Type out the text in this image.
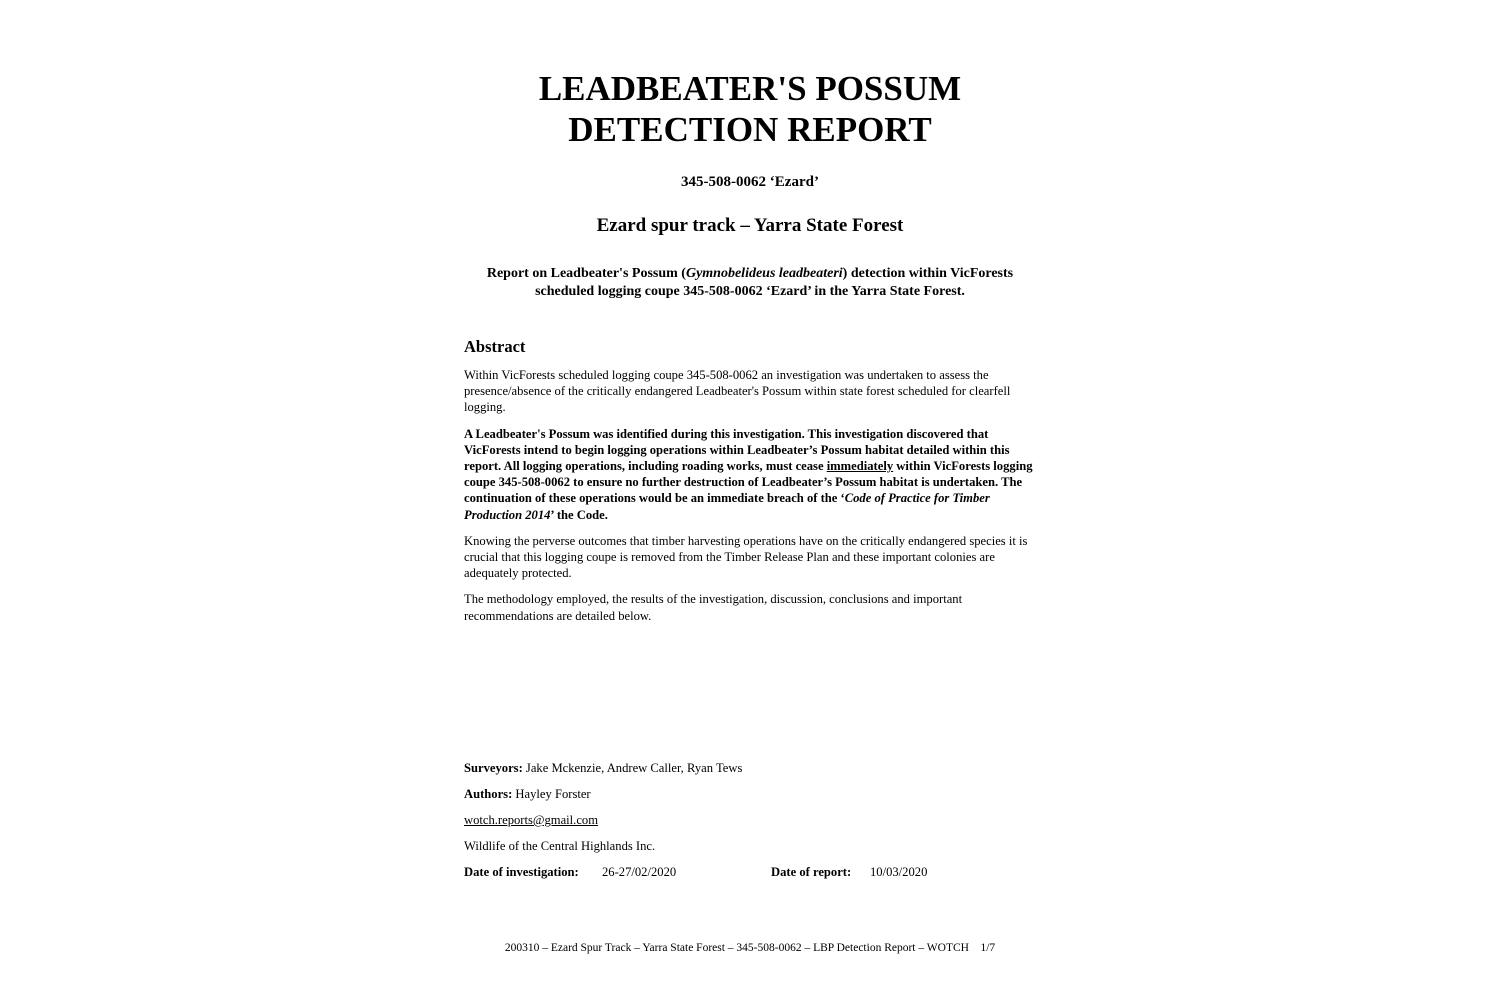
LEADBEATER'S POSSUM
DETECTION REPORT
345-508-0062 ‘Ezard’
Ezard spur track – Yarra State Forest
Report on Leadbeater's Possum (Gymnobelideus leadbeateri) detection within VicForests scheduled logging coupe 345-508-0062 ‘Ezard’ in the Yarra State Forest.
Abstract

Within VicForests scheduled logging coupe 345-508-0062 an investigation was undertaken to assess the presence/absence of the critically endangered Leadbeater's Possum within state forest scheduled for clearfell logging.

A Leadbeater's Possum was identified during this investigation. This investigation discovered that VicForests intend to begin logging operations within Leadbeater’s Possum habitat detailed within this report. All logging operations, including roading works, must cease immediately within VicForests logging coupe 345-508-0062 to ensure no further destruction of Leadbeater’s Possum habitat is undertaken. The continuation of these operations would be an immediate breach of the ‘Code of Practice for Timber Production 2014’ the Code.

Knowing the perverse outcomes that timber harvesting operations have on the critically endangered species it is crucial that this logging coupe is removed from the Timber Release Plan and these important colonies are adequately protected.

The methodology employed, the results of the investigation, discussion, conclusions and important recommendations are detailed below.

Surveyors: Jake Mckenzie, Andrew Caller, Ryan Tews
Authors: Hayley Forster
wotch.reports@gmail.com
Wildlife of the Central Highlands Inc.
Date of investigation: 26-27/02/2020	Date of report: 10/03/2020
200310 – Ezard Spur Track – Yarra State Forest – 345-508-0062 – LBP Detection Report – WOTCH    1/7
